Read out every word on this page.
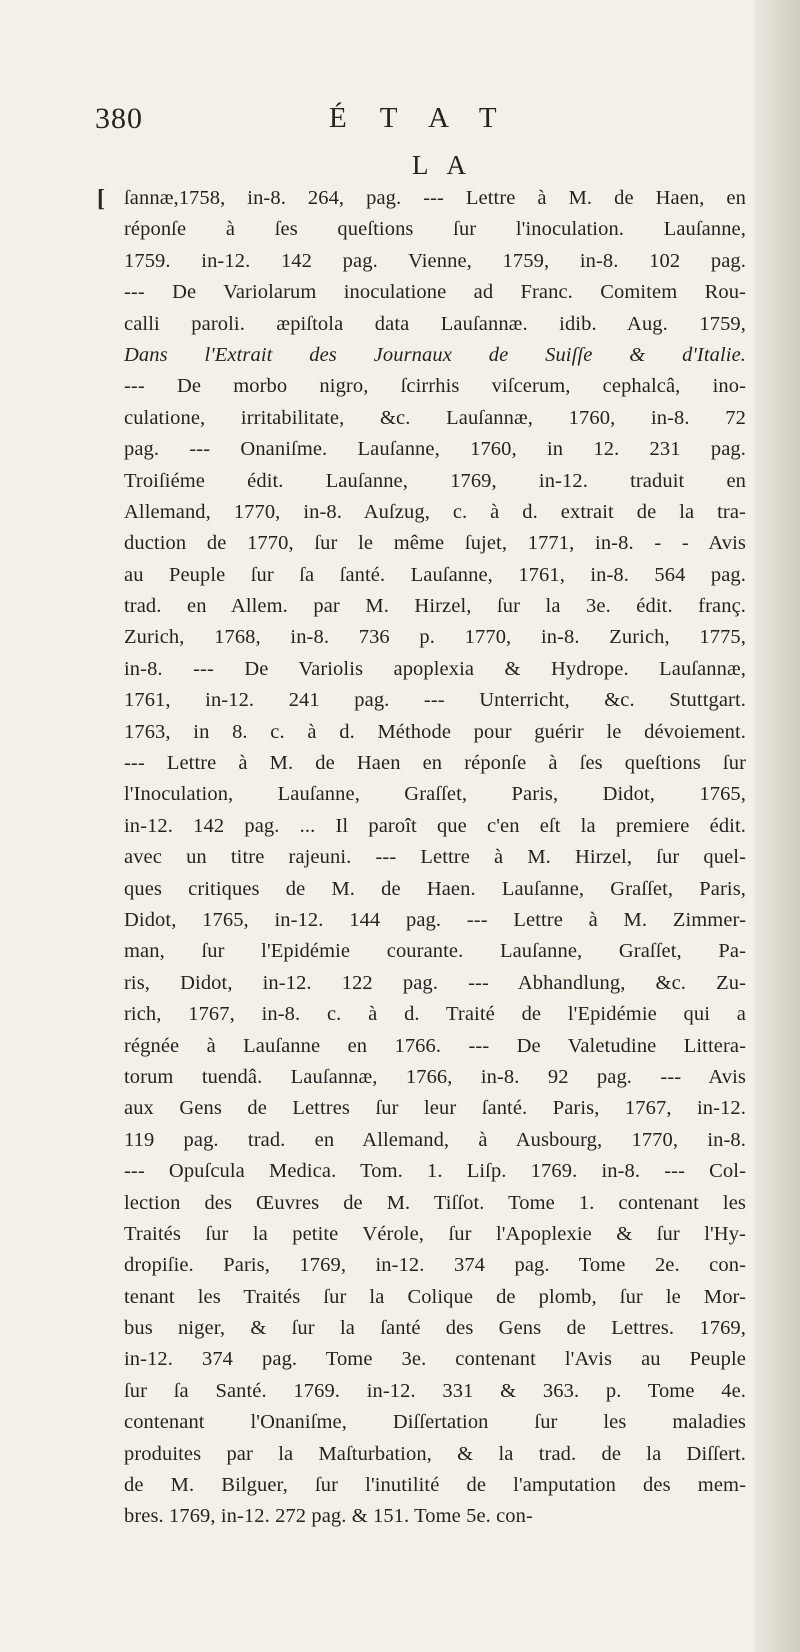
380	ÉTAT
LA
[ ſannæ,1758, in-8. 264, pag. --- Lettre à M. de Haen, en
réponſe à ſes queſtions ſur l'inoculation. Lauſanne,
1759. in-12. 142 pag. Vienne, 1759, in-8. 102 pag.
--- De Variolarum inoculatione ad Franc. Comitem Rou-
calli paroli. æpiſtola data Lauſannæ. idib. Aug. 1759,
Dans l'Extrait des Journaux de Suiſſe & d'Italie.
--- De morbo nigro, ſcirrhis viſcerum, cephalcâ, ino-
culatione, irritabilitate, &c. Lauſannæ, 1760, in-8. 72
pag. --- Onaniſme. Lauſanne, 1760, in 12. 231 pag.
Troiſiéme édit. Lauſanne, 1769, in-12. traduit en
Allemand, 1770, in-8. Auſzug, c. à d. extrait de la tra-
duction de 1770, ſur le même ſujet, 1771, in-8. - - Avis
au Peuple ſur ſa ſanté. Lauſanne, 1761, in-8. 564 pag.
trad. en Allem. par M. Hirzel, ſur la 3e. édit. franç.
Zurich, 1768, in-8. 736 p. 1770, in-8. Zurich, 1775,
in-8. --- De Variolis apoplexia & Hydrope. Lauſannæ,
1761, in-12. 241 pag. --- Unterricht, &c. Stuttgart.
1763, in 8. c. à d. Méthode pour guérir le dévoiement.
--- Lettre à M. de Haen en réponſe à ſes queſtions ſur
l'Inoculation, Lauſanne, Graſſet, Paris, Didot, 1765,
in-12. 142 pag. ... Il paroît que c'en eſt la premiere édit.
avec un titre rajeuni. --- Lettre à M. Hirzel, ſur quel-
ques critiques de M. de Haen. Lauſanne, Graſſet, Paris,
Didot, 1765, in-12. 144 pag. --- Lettre à M. Zimmer-
man, ſur l'Epidémie courante. Lauſanne, Graſſet, Pa-
ris, Didot, in-12. 122 pag. --- Abhandlung, &c. Zu-
rich, 1767, in-8. c. à d. Traité de l'Epidémie qui a
régnée à Lauſanne en 1766. --- De Valetudine Littera-
torum tuendâ. Lauſannæ, 1766, in-8. 92 pag. --- Avis
aux Gens de Lettres ſur leur ſanté. Paris, 1767, in-12.
119 pag. trad. en Allemand, à Ausbourg, 1770, in-8.
--- Opuſcula Medica. Tom. 1. Liſp. 1769. in-8. --- Col-
lection des Œuvres de M. Tiſſot. Tome 1. contenant les
Traités ſur la petite Vérole, ſur l'Apoplexie & ſur l'Hy-
dropiſie. Paris, 1769, in-12. 374 pag. Tome 2e. con-
tenant les Traités ſur la Colique de plomb, ſur le Mor-
bus niger, & ſur la ſanté des Gens de Lettres. 1769,
in-12. 374 pag. Tome 3e. contenant l'Avis au Peuple
ſur ſa Santé. 1769. in-12. 331 & 363. p. Tome 4e.
contenant l'Onaniſme, Diſſertation ſur les maladies
produites par la Maſturbation, & la trad. de la Diſſert.
de M. Bilguer, ſur l'inutilité de l'amputation des mem-
bres. 1769, in-12. 272 pag. & 151. Tome 5e. con-
